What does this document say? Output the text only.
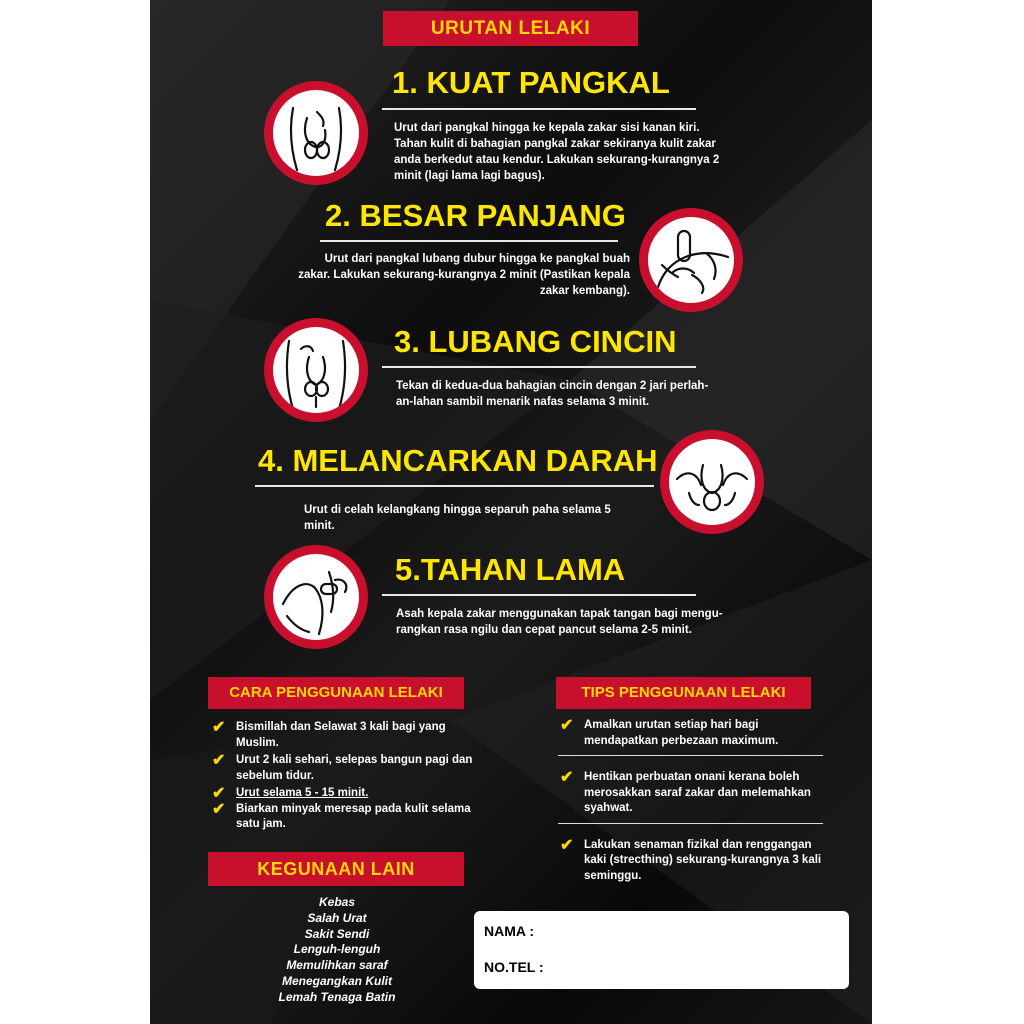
URUTAN LELAKI
1. KUAT PANGKAL
Urut dari pangkal hingga ke kepala zakar sisi kanan kiri.
Tahan kulit di bahagian pangkal zakar sekiranya kulit zakar
anda berkedut atau kendur. Lakukan sekurang-kurangnya 2
minit (lagi lama lagi bagus).
2. BESAR PANJANG
Urut dari pangkal lubang dubur hingga ke pangkal buah
zakar. Lakukan sekurang-kurangnya 2 minit (Pastikan kepala
zakar kembang).
3. LUBANG CINCIN
Tekan di kedua-dua bahagian cincin dengan 2 jari perlah-
an-lahan sambil menarik nafas selama 3 minit.
4. MELANCARKAN DARAH
Urut di celah kelangkang hingga separuh paha selama 5
minit.
5.TAHAN LAMA
Asah kepala zakar menggunakan tapak tangan bagi mengu-
rangkan rasa ngilu dan cepat pancut selama 2-5 minit.
CARA PENGGUNAAN LELAKI
✔ Bismillah dan Selawat 3 kali bagi yang Muslim.
✔ Urut 2 kali sehari, selepas bangun pagi dan sebelum tidur.
✔ Urut selama 5 - 15 minit.
✔ Biarkan minyak meresap pada kulit selama satu jam.
TIPS PENGGUNAAN LELAKI
✔ Amalkan urutan setiap hari bagi mendapatkan perbezaan maximum.
✔ Hentikan perbuatan onani kerana boleh merosakkan saraf zakar dan melemahkan syahwat.
✔ Lakukan senaman fizikal dan renggangan kaki (strecthing) sekurang-kurangnya 3 kali seminggu.
KEGUNAAN LAIN
Kebas
Salah Urat
Sakit Sendi
Lenguh-lenguh
Memulihkan saraf
Menegangkan Kulit
Lemah Tenaga Batin
NAMA :
NO.TEL :
